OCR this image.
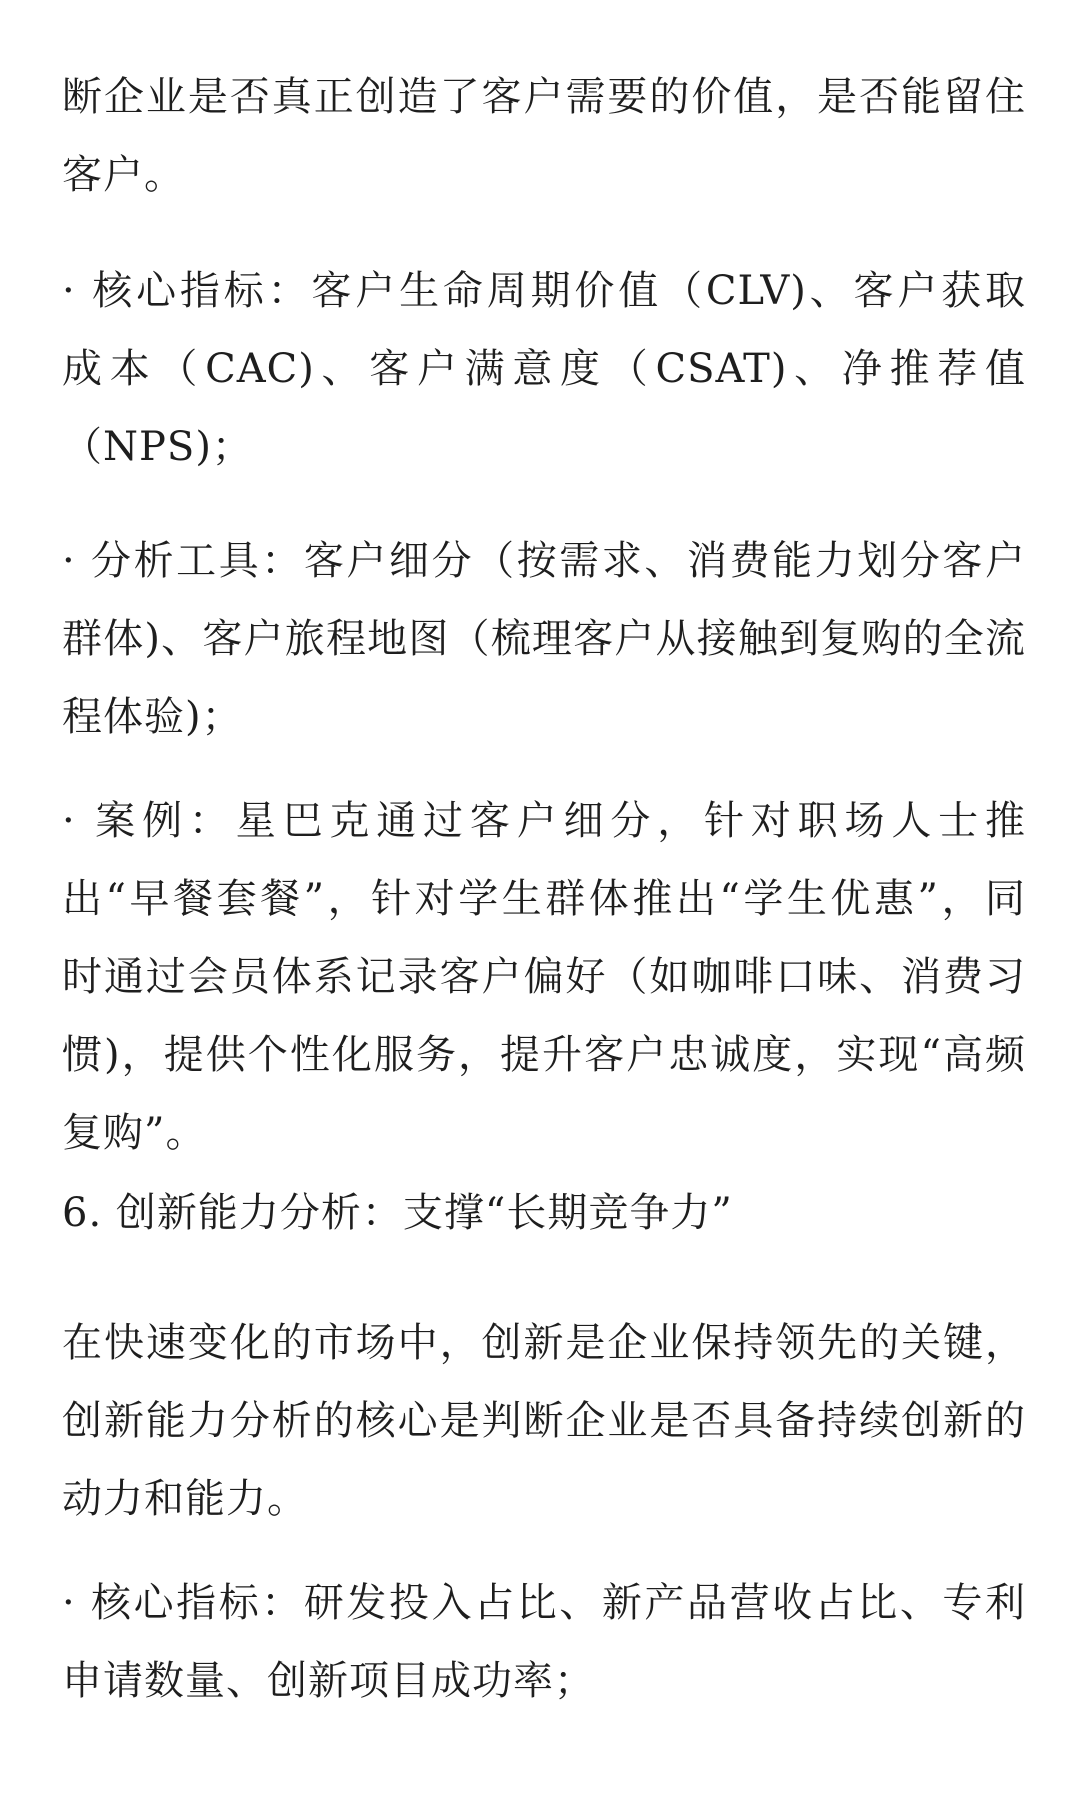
断企业是否真正创造了客户需要的价值，是否能留住
客户。

· 核心指标：客户生命周期价值（CLV)、客户获取
成本（CAC)、客户满意度（CSAT)、净推荐值
（NPS)；

· 分析工具：客户细分（按需求、消费能力划分客户
群体)、客户旅程地图（梳理客户从接触到复购的全流
程体验)；

· 案例：星巴克通过客户细分，针对职场人士推
出“早餐套餐”，针对学生群体推出“学生优惠”，同
时通过会员体系记录客户偏好（如咖啡口味、消费习
惯)，提供个性化服务，提升客户忠诚度，实现“高频
复购”。

6. 创新能力分析：支撑“长期竞争力”

在快速变化的市场中，创新是企业保持领先的关键，
创新能力分析的核心是判断企业是否具备持续创新的
动力和能力。

· 核心指标：研发投入占比、新产品营收占比、专利
申请数量、创新项目成功率；
